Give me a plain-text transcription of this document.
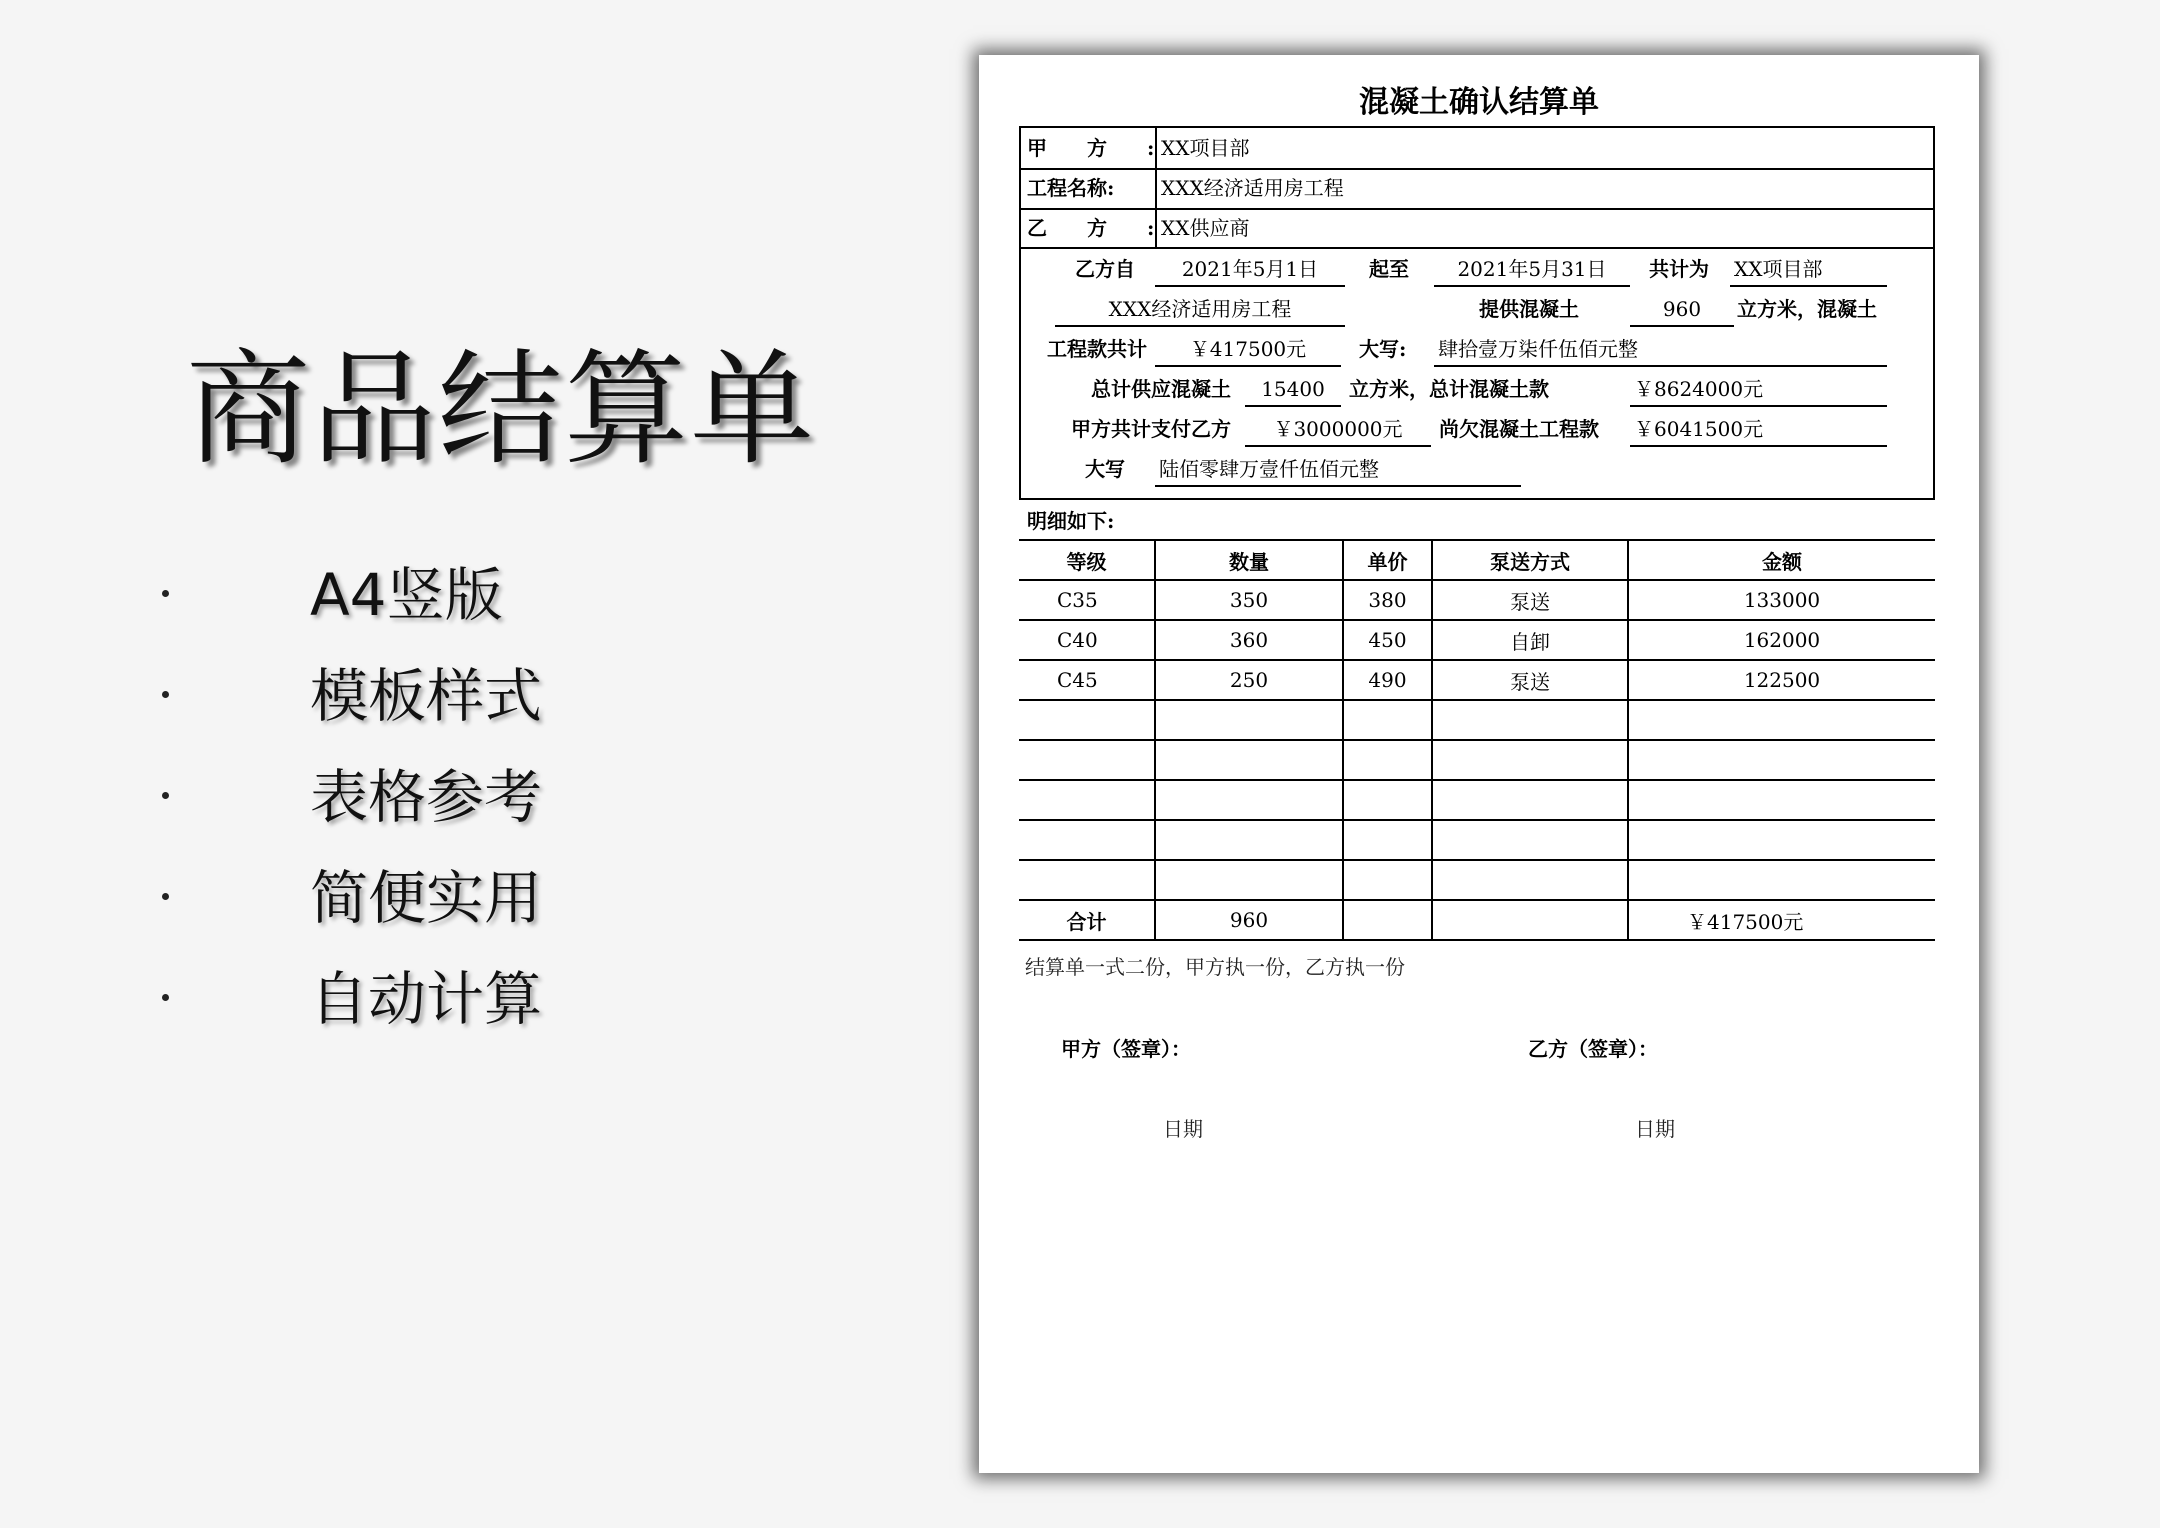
商品结算单
A4竖版
模板样式
表格参考
简便实用
自动计算
混凝土确认结算单
甲　　方　　: XX项目部
工程名称:	XXX经济适用房工程
乙　　方　　: XX供应商
乙方自	2021年5月1日	起至	2021年5月31日	共计为 XX项目部
XXX经济适用房工程	提供混凝土	960	立方米，混凝土
工程款共计	￥417500元	大写: 肆拾壹万柒仟伍佰元整
总计供应混凝土	15400	立方米，总计混凝土款	￥8624000元
甲方共计支付乙方	￥3000000元	尚欠混凝土工程款 ￥6041500元
大写 陆佰零肆万壹仟伍佰元整
明细如下:
等级	数量	单价	泵送方式	金额
C35	350	380	泵送	133000
C40	360	450	自卸	162000
C45	250	490	泵送	122500

合计	960			￥417500元
结算单一式二份，甲方执一份，乙方执一份
甲方（签章）：	乙方（签章）：
日期	日期
